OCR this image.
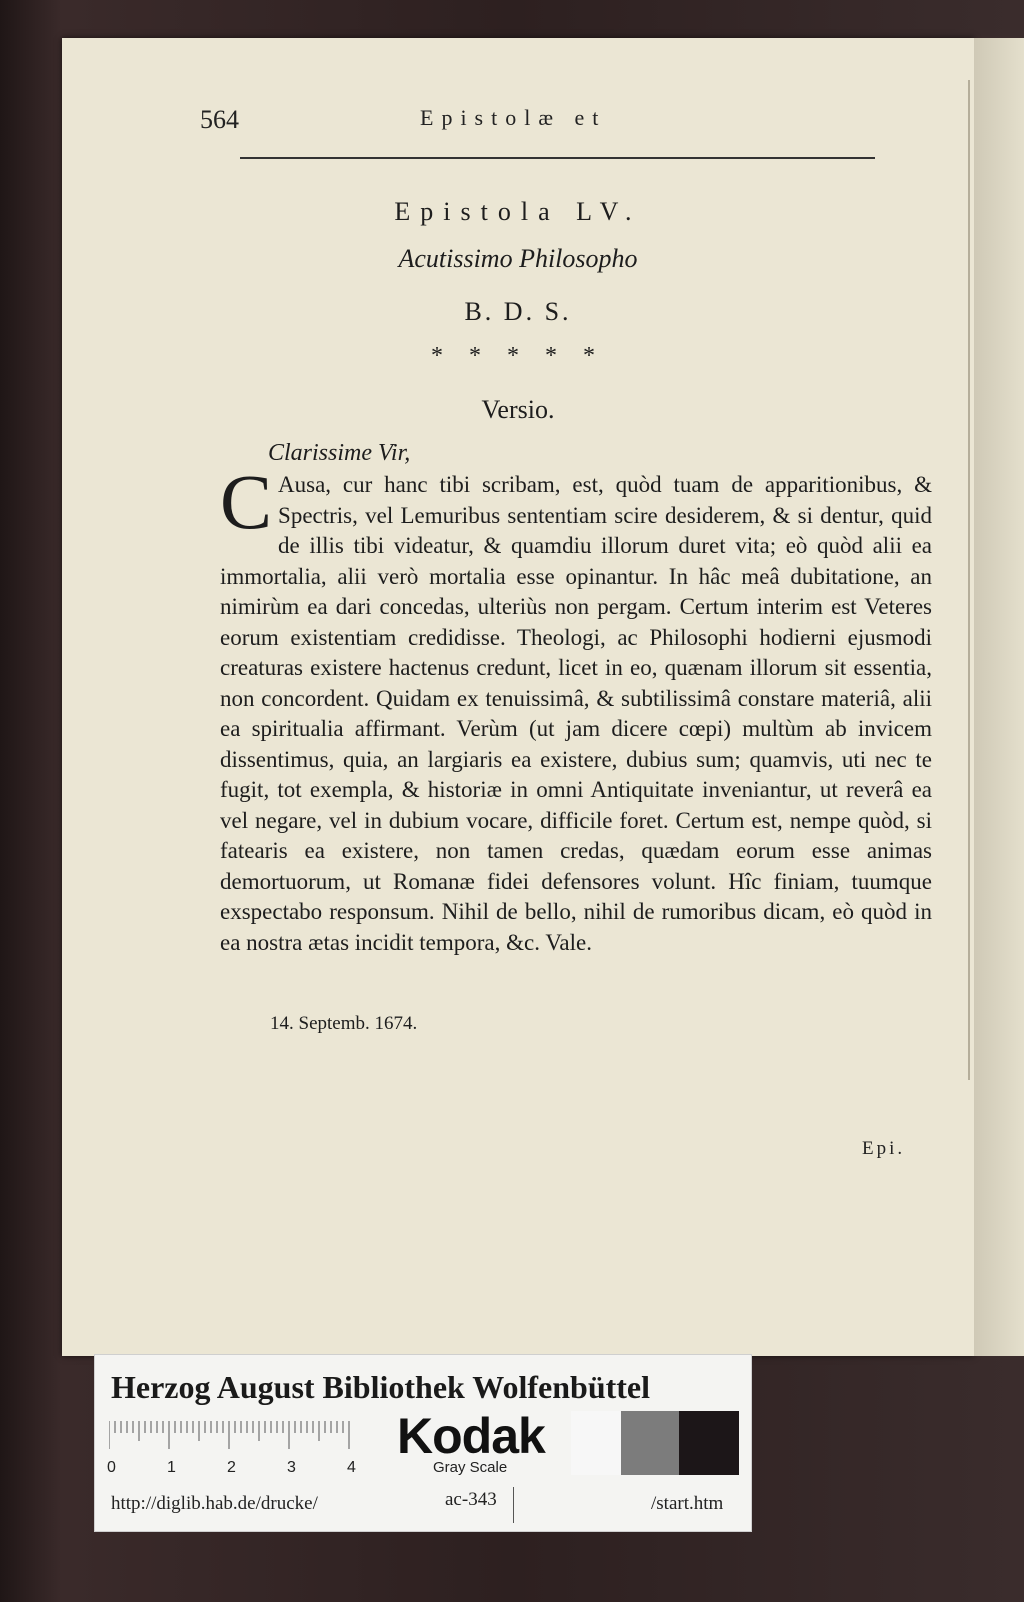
564	Epistolæ et
Epistola LV.
Acutissimo Philosopho
B. D. S.
* * * * *
Versio.
Clarissime Vir,
C Ausa, cur hanc tibi scribam, est, quòd tuam de apparitionibus, & Spectris, vel Lemuribus sententiam scire desiderem, & si dentur, quid de illis tibi videatur, & quamdiu illorum duret vita; eò quòd alii ea immortalia, alii verò mortalia esse opinantur. In hâc meâ dubitatione, an nimirùm ea dari concedas, ulteriùs non pergam. Certum interim est Veteres eorum existentiam credidisse. Theologi, ac Philosophi hodierni ejusmodi creaturas existere hactenus credunt, licet in eo, quænam illorum sit essentia, non concordent. Quidam ex tenuissimâ, & subtilissimâ constare materiâ, alii ea spiritualia affirmant. Verùm (ut jam dicere cœpi) multùm ab invicem dissentimus, quia, an largiaris ea existere, dubius sum; quamvis, uti nec te fugit, tot exempla, & historiæ in omni Antiquitate inveniantur, ut reverâ ea vel negare, vel in dubium vocare, difficile foret. Certum est, nempe quòd, si fatearis ea existere, non tamen credas, quædam eorum esse animas demortuorum, ut Romanæ fidei defensores volunt. Hîc finiam, tuumque exspectabo responsum. Nihil de bello, nihil de rumoribus dicam, eò quòd in ea nostra ætas incidit tempora, &c. Vale.
14. Septemb. 1674.
Epi.
Herzog August Bibliothek Wolfenbüttel
0	1	2	3	4
Kodak
Gray Scale
http://diglib.hab.de/drucke/	ac-343	/start.htm
